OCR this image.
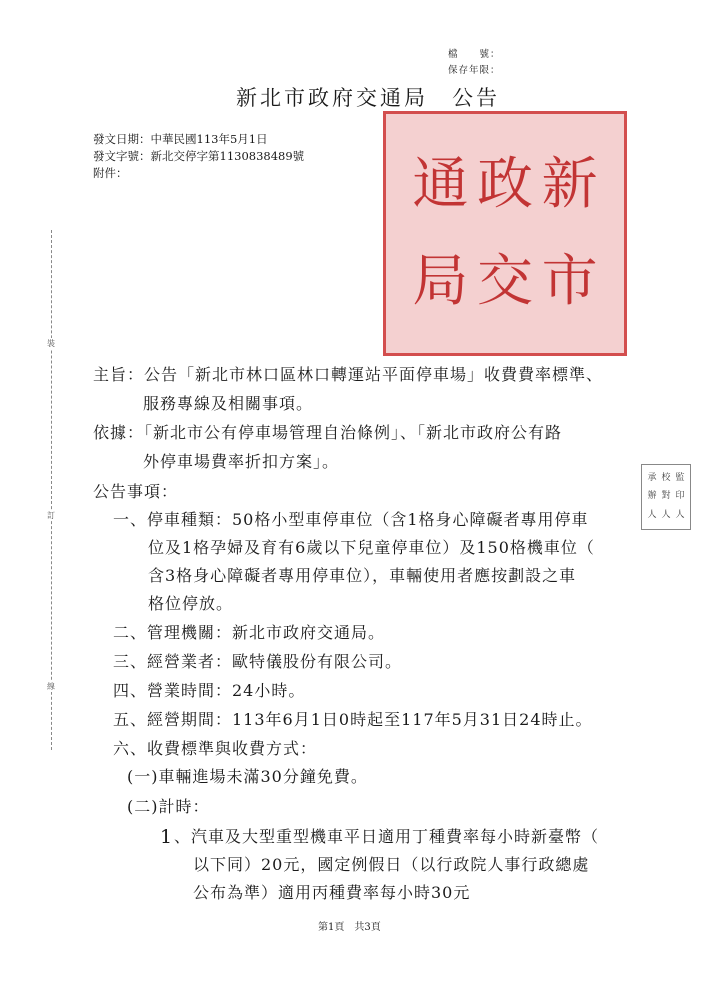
檔　　號：
保存年限：
新北市政府交通局　公告
發文日期：中華民國113年5月1日
發文字號：新北交停字第1130838489號
附件：	新
政
通
市
交
局
裝
訂
線
監
校
承
印
對
辦
人
人
人
主旨：公告「新北市林口區林口轉運站平面停車場」收費費率標準、
服務專線及相關事項。
依據：「新北市公有停車場管理自治條例」、「新北市政府公有路
外停車場費率折扣方案」。
公告事項：
一、停車種類：50格小型車停車位（含1格身心障礙者專用停車
位及1格孕婦及育有6歲以下兒童停車位）及150格機車位（
含3格身心障礙者專用停車位），車輛使用者應按劃設之車
格位停放。
二、管理機關：新北市政府交通局。
三、經營業者：歐特儀股份有限公司。
四、營業時間：24小時。
五、經營期間：113年6月1日0時起至117年5月31日24時止。
六、收費標準與收費方式：
(一)車輛進場未滿30分鐘免費。
(二)計時：
1 、汽車及大型重型機車平日適用丁種費率每小時新臺幣（
以下同）20元，國定例假日（以行政院人事行政總處
公布為準）適用丙種費率每小時30元
第1頁　共3頁
